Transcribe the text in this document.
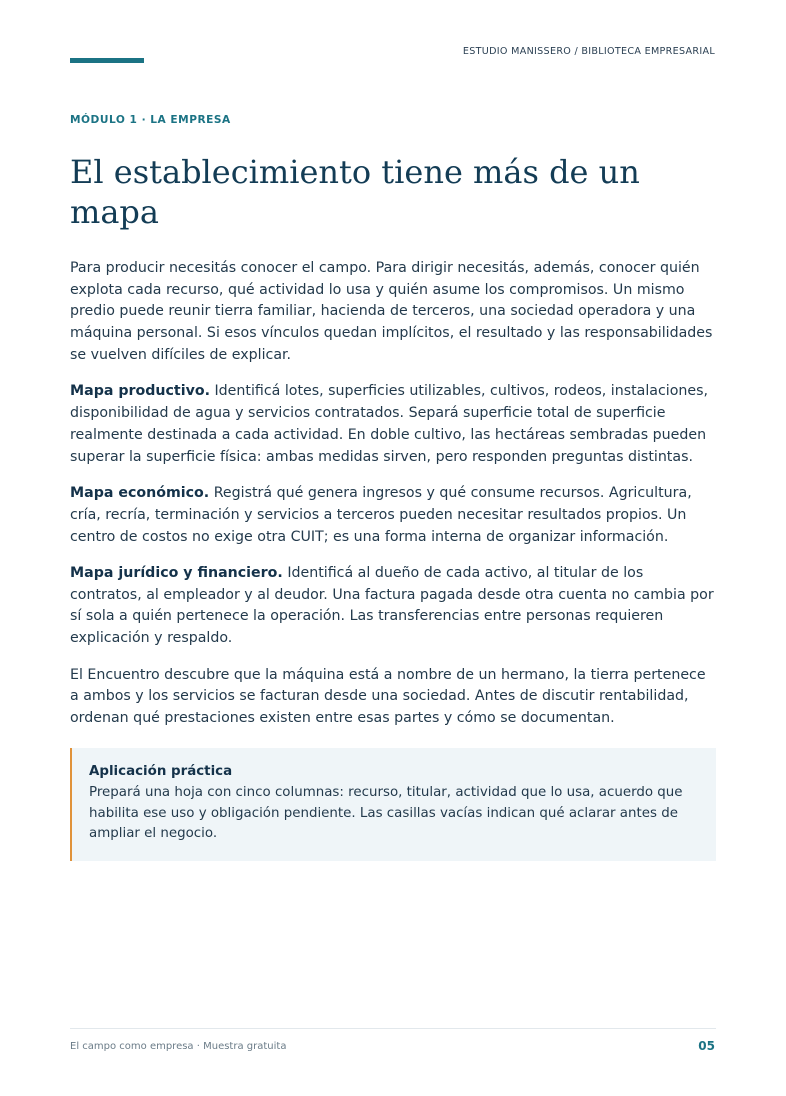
ESTUDIO MANISSERO / BIBLIOTECA EMPRESARIAL

MÓDULO 1 · LA EMPRESA

El establecimiento tiene más de un mapa

Para producir necesitás conocer el campo. Para dirigir necesitás, además, conocer quién explota cada recurso, qué actividad lo usa y quién asume los compromisos. Un mismo predio puede reunir tierra familiar, hacienda de terceros, una sociedad operadora y una máquina personal. Si esos vínculos quedan implícitos, el resultado y las responsabilidades se vuelven difíciles de explicar.

Mapa productivo. Identificá lotes, superficies utilizables, cultivos, rodeos, instalaciones, disponibilidad de agua y servicios contratados. Separá superficie total de superficie realmente destinada a cada actividad. En doble cultivo, las hectáreas sembradas pueden superar la superficie física: ambas medidas sirven, pero responden preguntas distintas.

Mapa económico. Registrá qué genera ingresos y qué consume recursos. Agricultura, cría, recría, terminación y servicios a terceros pueden necesitar resultados propios. Un centro de costos no exige otra CUIT; es una forma interna de organizar información.

Mapa jurídico y financiero. Identificá al dueño de cada activo, al titular de los contratos, al empleador y al deudor. Una factura pagada desde otra cuenta no cambia por sí sola a quién pertenece la operación. Las transferencias entre personas requieren explicación y respaldo.

El Encuentro descubre que la máquina está a nombre de un hermano, la tierra pertenece a ambos y los servicios se facturan desde una sociedad. Antes de discutir rentabilidad, ordenan qué prestaciones existen entre esas partes y cómo se documentan.

Aplicación práctica

Prepará una hoja con cinco columnas: recurso, titular, actividad que lo usa, acuerdo que habilita ese uso y obligación pendiente. Las casillas vacías indican qué aclarar antes de ampliar el negocio.

El campo como empresa · Muestra gratuita	05
